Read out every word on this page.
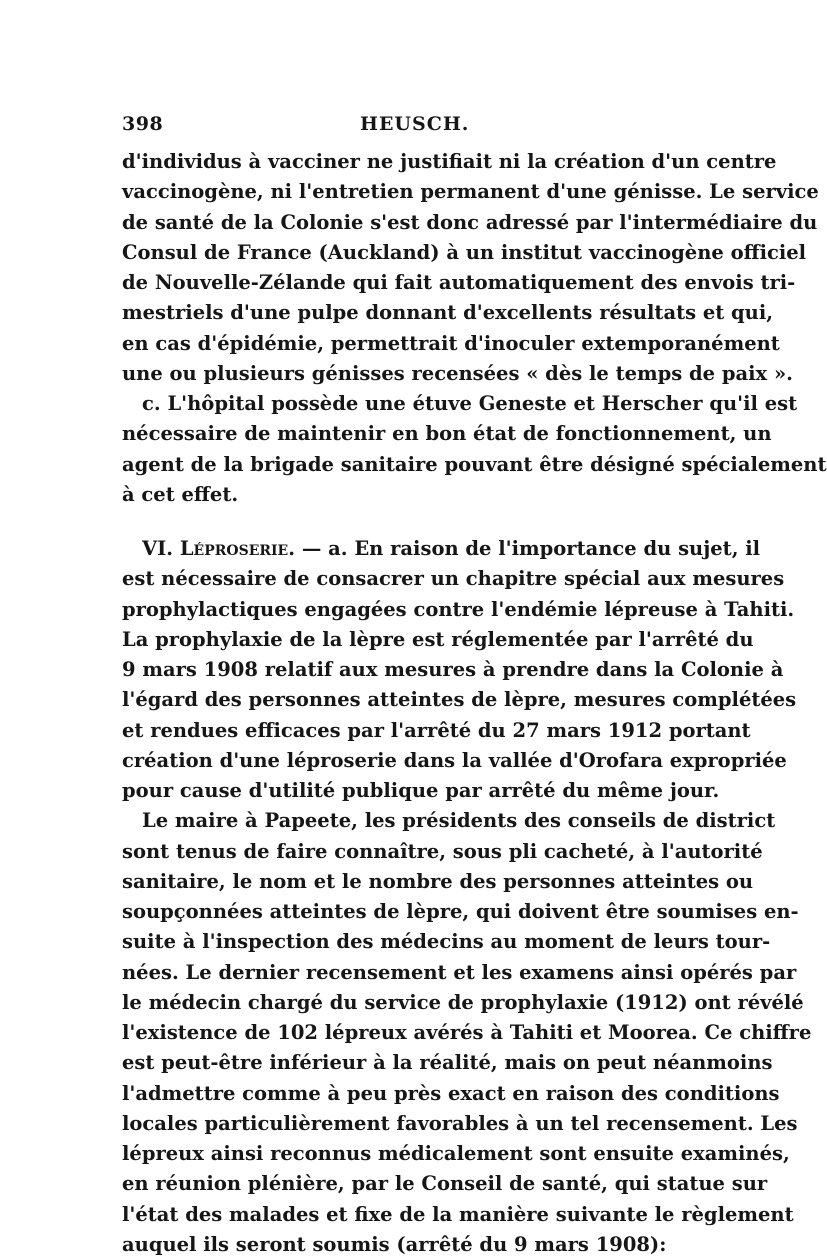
398	HEUSCH.
d'individus à vacciner ne justifiait ni la création d'un centre
vaccinogène, ni l'entretien permanent d'une génisse. Le service
de santé de la Colonie s'est donc adressé par l'intermédiaire du
Consul de France (Auckland) à un institut vaccinogène officiel
de Nouvelle-Zélande qui fait automatiquement des envois tri-
mestriels d'une pulpe donnant d'excellents résultats et qui,
en cas d'épidémie, permettrait d'inoculer extemporanément
une ou plusieurs génisses recensées « dès le temps de paix ».
c. L'hôpital possède une étuve Geneste et Herscher qu'il est
nécessaire de maintenir en bon état de fonctionnement, un
agent de la brigade sanitaire pouvant être désigné spécialement
à cet effet.
VI. Léproserie. — a. En raison de l'importance du sujet, il
est nécessaire de consacrer un chapitre spécial aux mesures
prophylactiques engagées contre l'endémie lépreuse à Tahiti.
La prophylaxie de la lèpre est réglementée par l'arrêté du
9 mars 1908 relatif aux mesures à prendre dans la Colonie à
l'égard des personnes atteintes de lèpre, mesures complétées
et rendues efficaces par l'arrêté du 27 mars 1912 portant
création d'une léproserie dans la vallée d'Orofara expropriée
pour cause d'utilité publique par arrêté du même jour.
Le maire à Papeete, les présidents des conseils de district
sont tenus de faire connaître, sous pli cacheté, à l'autorité
sanitaire, le nom et le nombre des personnes atteintes ou
soupçonnées atteintes de lèpre, qui doivent être soumises en-
suite à l'inspection des médecins au moment de leurs tour-
nées. Le dernier recensement et les examens ainsi opérés par
le médecin chargé du service de prophylaxie (1912) ont révélé
l'existence de 102 lépreux avérés à Tahiti et Moorea. Ce chiffre
est peut-être inférieur à la réalité, mais on peut néanmoins
l'admettre comme à peu près exact en raison des conditions
locales particulièrement favorables à un tel recensement. Les
lépreux ainsi reconnus médicalement sont ensuite examinés,
en réunion plénière, par le Conseil de santé, qui statue sur
l'état des malades et fixe de la manière suivante le règlement
auquel ils seront soumis (arrêté du 9 mars 1908):
